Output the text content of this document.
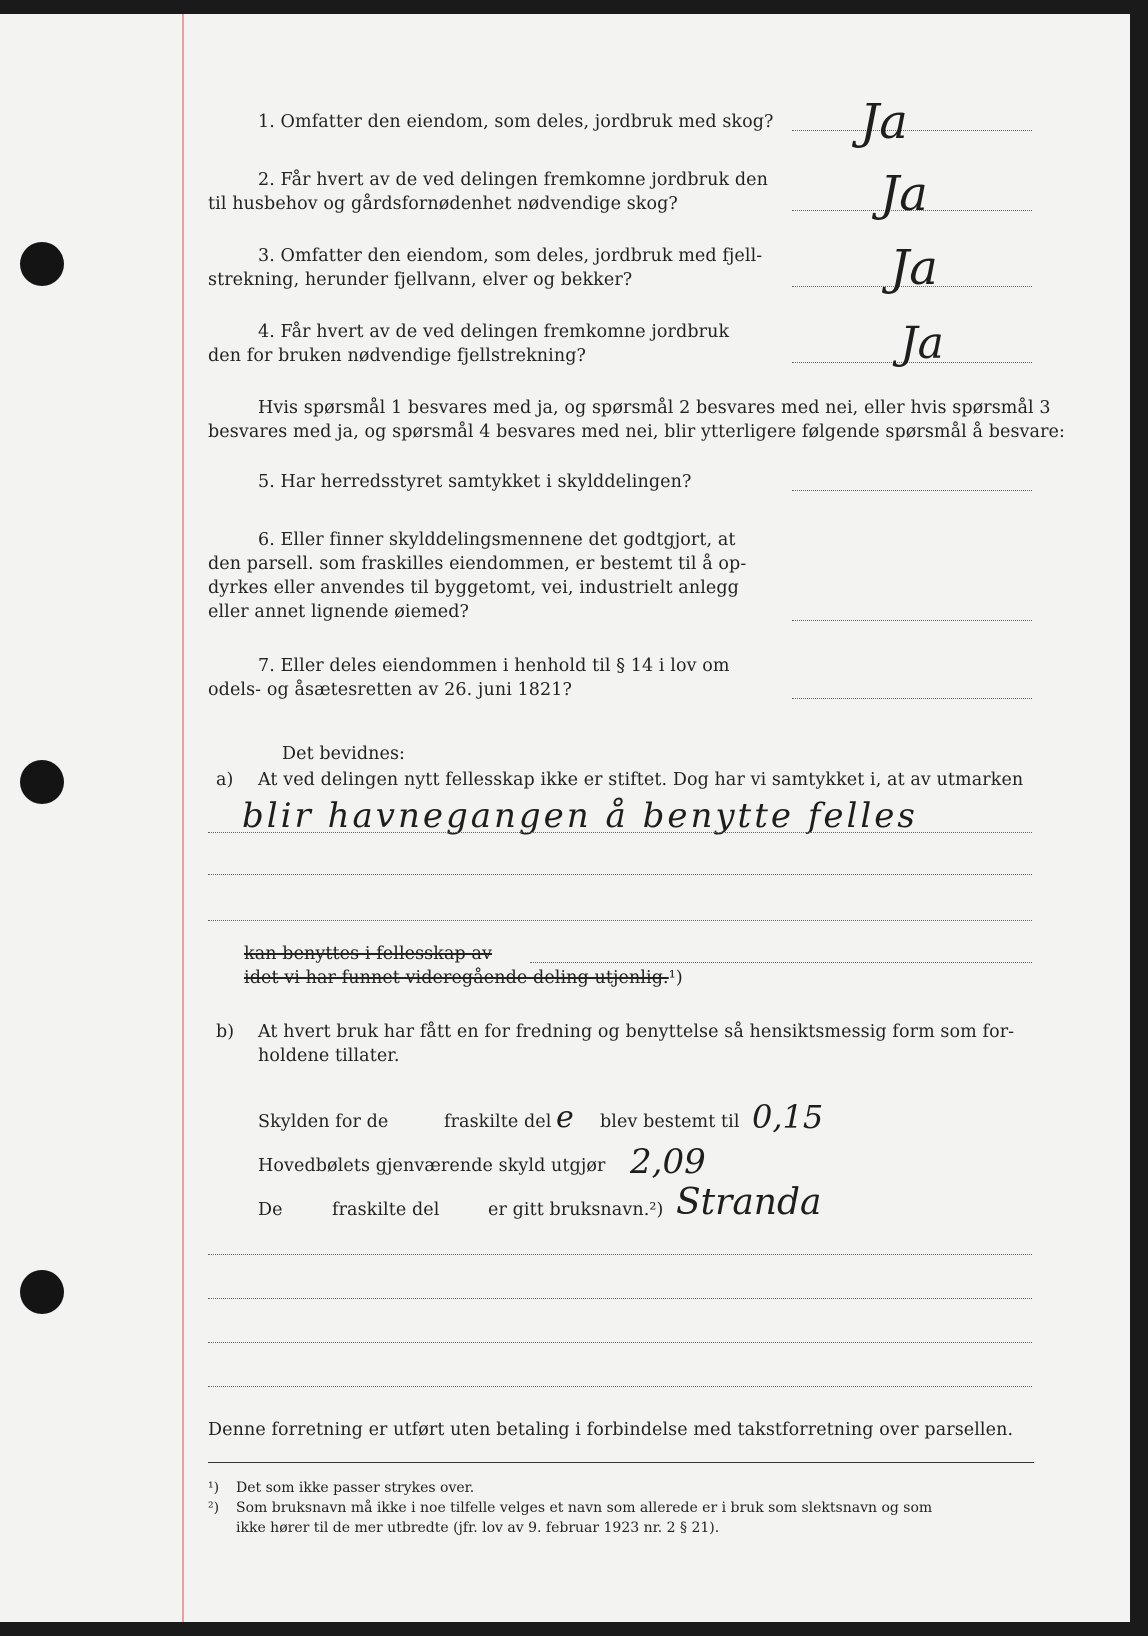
1. Omfatter den eiendom, som deles, jordbruk med skog? Ja
2. Får hvert av de ved delingen fremkomne jordbruk den
til husbehov og gårdsfornødenhet nødvendige skog?	Ja
3. Omfatter den eiendom, som deles, jordbruk med fjell-
strekning, herunder fjellvann, elver og bekker?	Ja
4. Får hvert av de ved delingen fremkomne jordbruk
den for bruken nødvendige fjellstrekning?	Ja
Hvis spørsmål 1 besvares med ja, og spørsmål 2 besvares med nei, eller hvis spørsmål 3
besvares med ja, og spørsmål 4 besvares med nei, blir ytterligere følgende spørsmål å besvare:
5. Har herredsstyret samtykket i skylddelingen?
6. Eller finner skylddelingsmennene det godtgjort, at
den parsell. som fraskilles eiendommen, er bestemt til å op-
dyrkes eller anvendes til byggetomt, vei, industrielt anlegg
eller annet lignende øiemed?
7. Eller deles eiendommen i henhold til § 14 i lov om
odels- og åsætesretten av 26. juni 1821?
Det bevidnes:
a) At ved delingen nytt fellesskap ikke er stiftet. Dog har vi samtykket i, at av utmarken
blir havnegangen å benytte felles
kan benyttes i fellesskap av
idet vi har funnet videregående deling utjenlig.¹)
b) At hvert bruk har fått en for fredning og benyttelse så hensiktsmessig form som for-
holdene tillater.
Skylden for de	fraskilte del e blev bestemt til 0,15
Hovedbølets gjenværende skyld utgjør 2,09
De	fraskilte del	er gitt bruksnavn.²) Stranda
Denne forretning er utført uten betaling i forbindelse med takstforretning over parsellen.
¹) Det som ikke passer strykes over.
²) Som bruksnavn må ikke i noe tilfelle velges et navn som allerede er i bruk som slektsnavn og som
ikke hører til de mer utbredte (jfr. lov av 9. februar 1923 nr. 2 § 21).
